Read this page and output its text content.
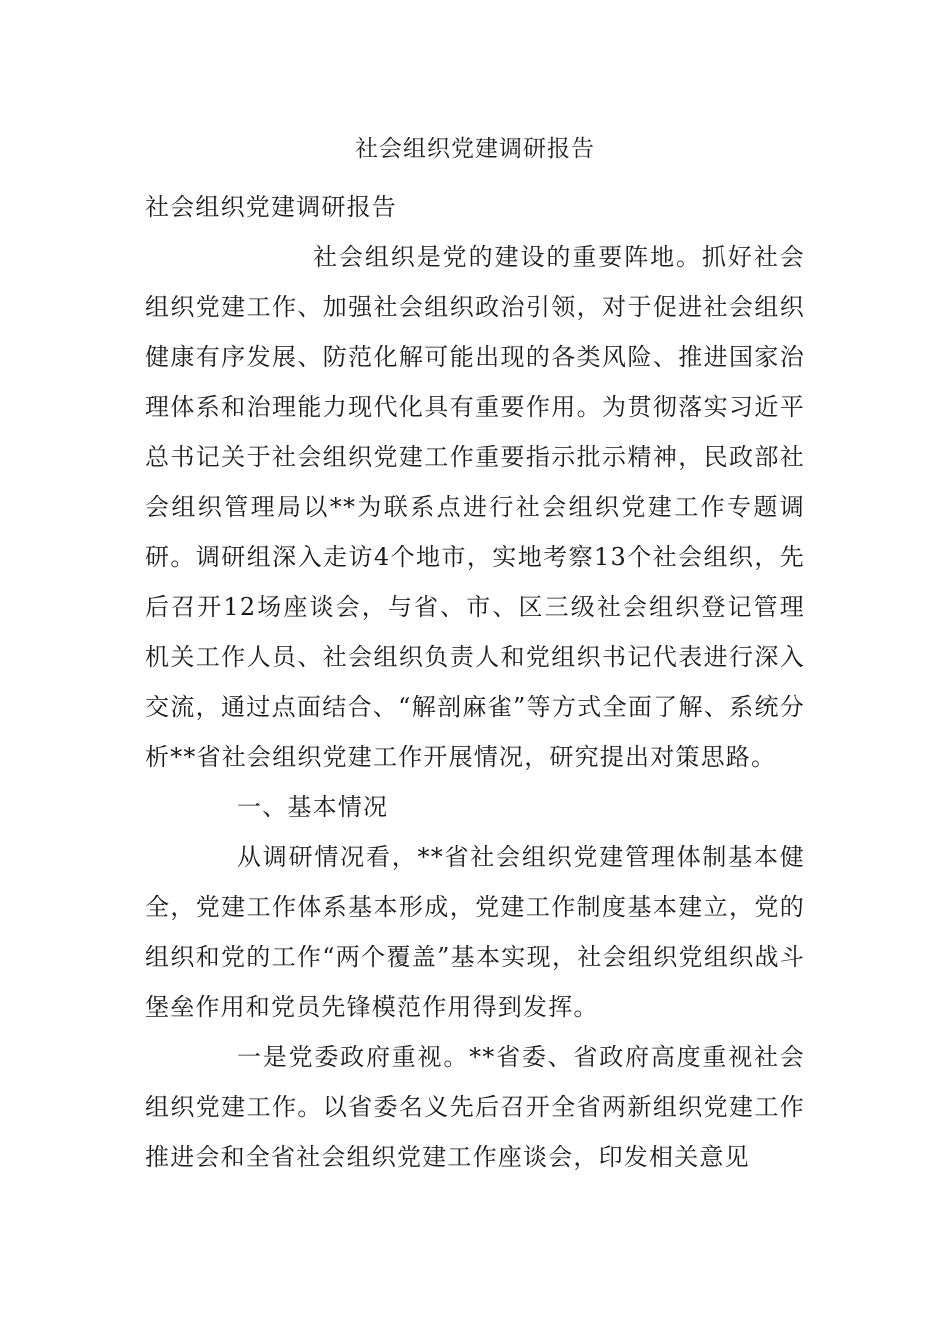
社会组织党建调研报告

社会组织党建调研报告

社会组织是党的建设的重要阵地。抓好社会组织党建工作、加强社会组织政治引领，对于促进社会组织健康有序发展、防范化解可能出现的各类风险、推进国家治理体系和治理能力现代化具有重要作用。为贯彻落实习近平总书记关于社会组织党建工作重要指示批示精神，民政部社会组织管理局以**为联系点进行社会组织党建工作专题调研。调研组深入走访4个地市，实地考察13个社会组织，先后召开12场座谈会，与省、市、区三级社会组织登记管理机关工作人员、社会组织负责人和党组织书记代表进行深入交流，通过点面结合、“解剖麻雀”等方式全面了解、系统分析**省社会组织党建工作开展情况，研究提出对策思路。

一、基本情况

从调研情况看，**省社会组织党建管理体制基本健全，党建工作体系基本形成，党建工作制度基本建立，党的组织和党的工作“两个覆盖”基本实现，社会组织党组织战斗堡垒作用和党员先锋模范作用得到发挥。

一是党委政府重视。**省委、省政府高度重视社会组织党建工作。以省委名义先后召开全省两新组织党建工作推进会和全省社会组织党建工作座谈会，印发相关意见
